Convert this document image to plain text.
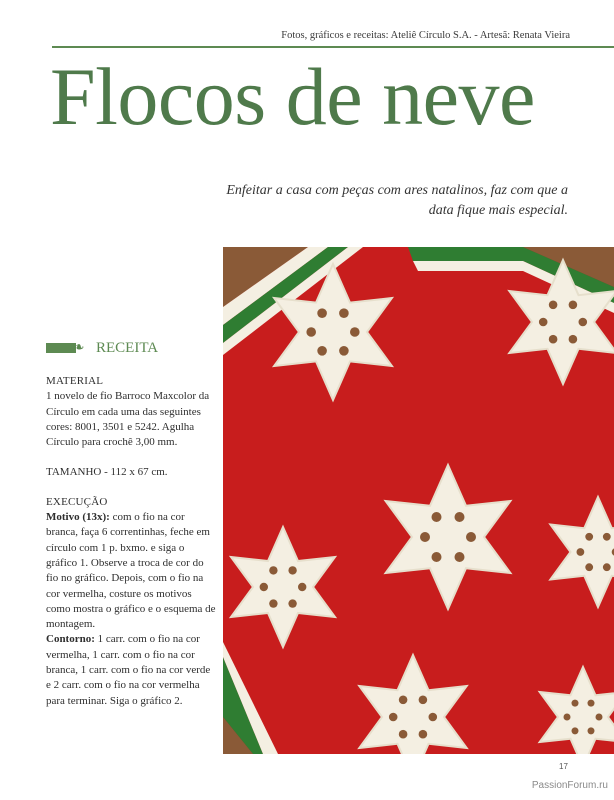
Fotos, gráficos e receitas: Ateliê Círculo S.A. - Artesã: Renata Vieira
Flocos de neve
Enfeitar a casa com peças com ares natalinos, faz com que a data fique mais especial.
❧ RECEITA

MATERIAL

1 novelo de fio Barroco Maxcolor da Círculo em cada uma das seguintes cores: 8001, 3501 e 5242. Agulha Círculo para crochê 3,00 mm.

TAMANHO - 112 x 67 cm.

EXECUÇÃO

Motivo (13x): com o fio na cor branca, faça 6 correntinhas, feche em círculo com 1 p. bxmo. e siga o gráfico 1. Observe a troca de cor do fio no gráfico. Depois, com o fio na cor vermelha, costure os motivos como mostra o gráfico e o esquema de montagem.

Contorno: 1 carr. com o fio na cor vermelha, 1 carr. com o fio na cor branca, 1 carr. com o fio na cor verde e 2 carr. com o fio na cor vermelha para terminar. Siga o gráfico 2.

17
PassionForum.ru
